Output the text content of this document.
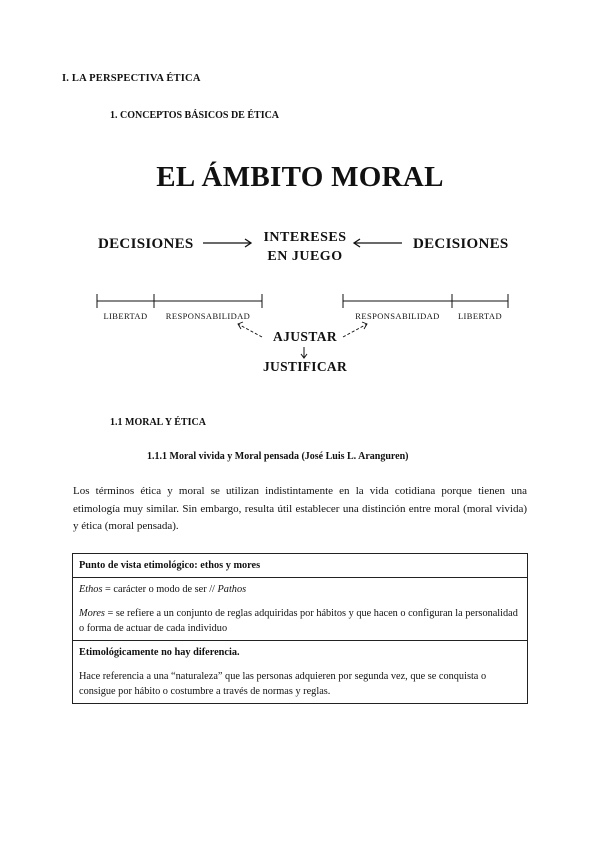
I. LA PERSPECTIVA ÉTICA
1. CONCEPTOS BÁSICOS DE ÉTICA
EL ÁMBITO MORAL
DECISIONES	DECISIONES
INTERESES
EN JUEGO
LIBERTAD	RESPONSABILIDAD	RESPONSABILIDAD	LIBERTAD
AJUSTAR
JUSTIFICAR
1.1 MORAL Y ÉTICA
1.1.1 Moral vivida y Moral pensada (José Luis L. Aranguren)
Los términos ética y moral se utilizan indistintamente en la vida cotidiana porque tienen una etimología muy similar. Sin embargo, resulta útil establecer una distinción entre moral (moral vivida) y ética (moral pensada).
Punto de vista etimológico: ethos y mores

Ethos = carácter o modo de ser // Pathos
Mores = se refiere a un conjunto de reglas adquiridas por hábitos y que hacen o configuran la personalidad o forma de actuar de cada individuo

Etimológicamente no hay diferencia.
Hace referencia a una “naturaleza” que las personas adquieren por segunda vez, que se conquista o consigue por hábito o costumbre a través de normas y reglas.
